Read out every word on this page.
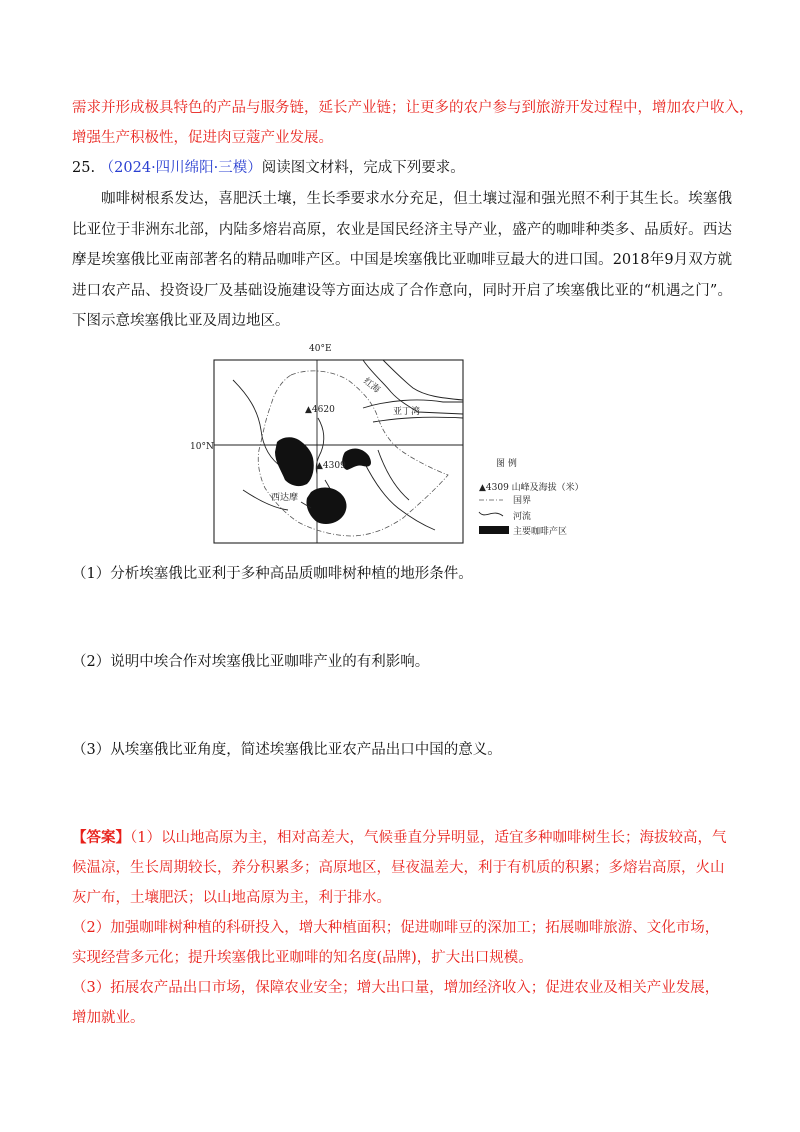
需求并形成极具特色的产品与服务链，延长产业链；让更多的农户参与到旅游开发过程中，增加农户收入，
增强生产积极性，促进肉豆蔻产业发展。
25. （2024·四川绵阳·三模）阅读图文材料，完成下列要求。
咖啡树根系发达，喜肥沃土壤，生长季要求水分充足，但土壤过湿和强光照不利于其生长。埃塞俄比亚位于非洲东北部，内陆多熔岩高原，农业是国民经济主导产业，盛产的咖啡种类多、品质好。西达摩是埃塞俄比亚南部著名的精品咖啡产区。中国是埃塞俄比亚咖啡豆最大的进口国。2018年9月双方就进口农产品、投资设厂及基础设施建设等方面达成了合作意向，同时开启了埃塞俄比亚的“机遇之门”。下图示意埃塞俄比亚及周边地区。
40°E
10°N
红海
亚丁湾
▲4620
▲4309
西达摩
图 例
▲4309 山峰及海拔（米）
国界
河流
主要咖啡产区
（1）分析埃塞俄比亚利于多种高品质咖啡树种植的地形条件。
（2）说明中埃合作对埃塞俄比亚咖啡产业的有利影响。
（3）从埃塞俄比亚角度，简述埃塞俄比亚农产品出口中国的意义。
【答案】（1）以山地高原为主，相对高差大，气候垂直分异明显，适宜多种咖啡树生长；海拔较高，气候温凉，生长周期较长，养分积累多；高原地区，昼夜温差大，利于有机质的积累；多熔岩高原，火山灰广布，土壤肥沃；以山地高原为主，利于排水。
（2）加强咖啡树种植的科研投入，增大种植面积；促进咖啡豆的深加工；拓展咖啡旅游、文化市场，实现经营多元化；提升埃塞俄比亚咖啡的知名度(品牌)，扩大出口规模。
（3）拓展农产品出口市场，保障农业安全；增大出口量，增加经济收入；促进农业及相关产业发展，增加就业。
